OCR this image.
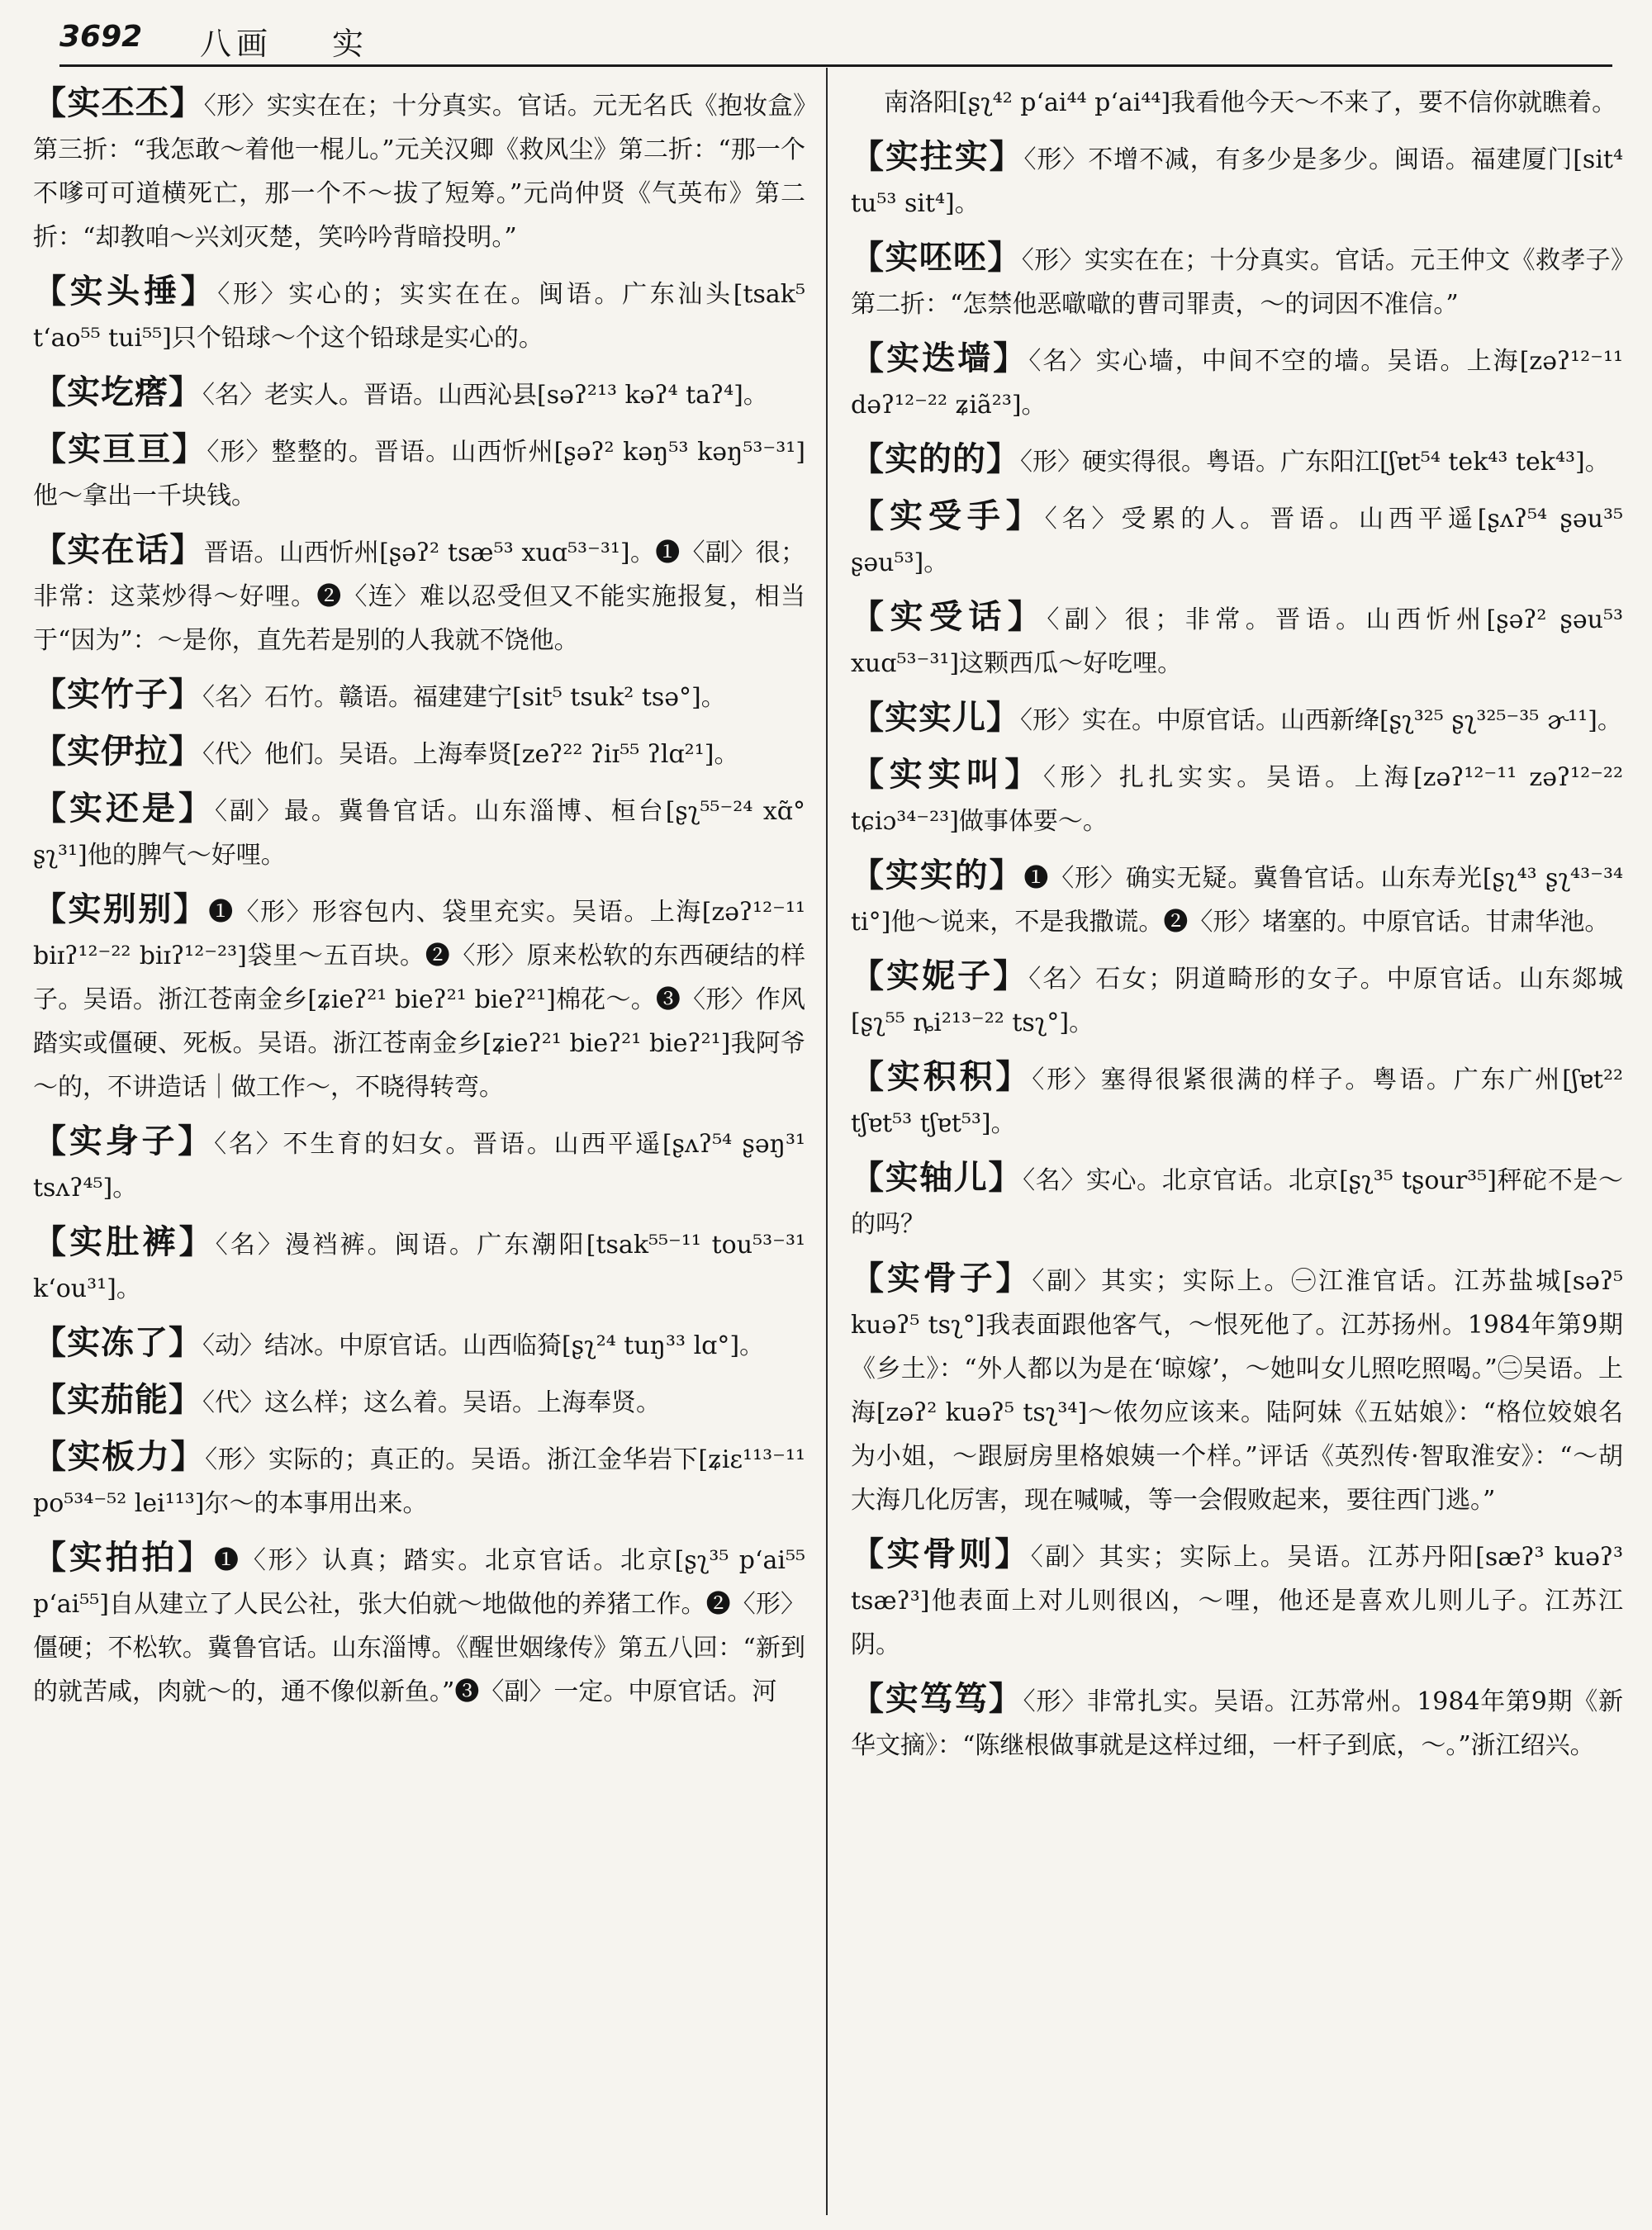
3692 八画 实
【实丕丕】〈形〉实实在在；十分真实。官话。元无名氏《抱妆盒》第三折：“我怎敢～着他一棍儿。”元关汉卿《救风尘》第二折：“那一个不嗲可可道横死亡，那一个不～拔了短筹。”元尚仲贤《气英布》第二折：“却教咱～兴刘灭楚，笑吟吟背暗投明。”
【实头捶】〈形〉实心的；实实在在。闽语。广东汕头[tsak⁵ tʻao⁵⁵ tui⁵⁵]只个铅球～个这个铅球是实心的。
【实圪瘩】〈名〉老实人。晋语。山西沁县[səʔ²¹³ kəʔ⁴ taʔ⁴]。
【实亘亘】〈形〉整整的。晋语。山西忻州[ʂəʔ² kəŋ⁵³ kəŋ⁵³⁻³¹]他～拿出一千块钱。
【实在话】晋语。山西忻州[ʂəʔ² tsæ⁵³ xuɑ⁵³⁻³¹]。❶〈副〉很；非常：这菜炒得～好哩。❷〈连〉难以忍受但又不能实施报复，相当于“因为”：～是你，直先若是别的人我就不饶他。
【实竹子】〈名〉石竹。赣语。福建建宁[sit⁵ tsuk² tsə°]。
【实伊拉】〈代〉他们。吴语。上海奉贤[zeʔ²² ʔiɪ⁵⁵ ʔlɑ²¹]。
【实还是】〈副〉最。冀鲁官话。山东淄博、桓台[ʂʅ⁵⁵⁻²⁴ xɑ̃° ʂʅ³¹]他的脾气～好哩。
【实别别】❶〈形〉形容包内、袋里充实。吴语。上海[zəʔ¹²⁻¹¹ biɪʔ¹²⁻²² biɪʔ¹²⁻²³]袋里～五百块。❷〈形〉原来松软的东西硬结的样子。吴语。浙江苍南金乡[ʑieʔ²¹ bieʔ²¹ bieʔ²¹]棉花～。❸〈形〉作风踏实或僵硬、死板。吴语。浙江苍南金乡[ʑieʔ²¹ bieʔ²¹ bieʔ²¹]我阿爷～的，不讲造话｜做工作～，不晓得转弯。
【实身子】〈名〉不生育的妇女。晋语。山西平遥[ʂʌʔ⁵⁴ ʂəŋ³¹ tsʌʔ⁴⁵]。
【实肚裤】〈名〉漫裆裤。闽语。广东潮阳[tsak⁵⁵⁻¹¹ tou⁵³⁻³¹ kʻou³¹]。
【实冻了】〈动〉结冰。中原官话。山西临猗[ʂʅ²⁴ tuŋ³³ lɑ°]。
【实茄能】〈代〉这么样；这么着。吴语。上海奉贤。
【实板力】〈形〉实际的；真正的。吴语。浙江金华岩下[ʑiɛ¹¹³⁻¹¹ po⁵³⁴⁻⁵² lei¹¹³]尔～的本事用出来。
【实拍拍】❶〈形〉认真；踏实。北京官话。北京[ʂʅ³⁵ pʻai⁵⁵ pʻai⁵⁵]自从建立了人民公社，张大伯就～地做他的养猪工作。❷〈形〉僵硬；不松软。冀鲁官话。山东淄博。《醒世姻缘传》第五八回：“新到的就苦咸，肉就～的，通不像似新鱼。”❸〈副〉一定。中原官话。河
南洛阳[ʂʅ⁴² pʻai⁴⁴ pʻai⁴⁴]我看他今天～不来了，要不信你就瞧着。
【实拄实】〈形〉不增不减，有多少是多少。闽语。福建厦门[sit⁴ tu⁵³ sit⁴]。
【实呸呸】〈形〉实实在在；十分真实。官话。元王仲文《救孝子》第二折：“怎禁他恶噷噷的曹司罪责，～的词因不准信。”
【实迭墙】〈名〉实心墙，中间不空的墙。吴语。上海[zəʔ¹²⁻¹¹ dəʔ¹²⁻²² ʑiã²³]。
【实的的】〈形〉硬实得很。粤语。广东阳江[ʃɐt⁵⁴ tek⁴³ tek⁴³]。
【实受手】〈名〉受累的人。晋语。山西平遥[ʂʌʔ⁵⁴ ʂəu³⁵ ʂəu⁵³]。
【实受话】〈副〉很；非常。晋语。山西忻州[ʂəʔ² ʂəu⁵³ xuɑ⁵³⁻³¹]这颗西瓜～好吃哩。
【实实儿】〈形〉实在。中原官话。山西新绛[ʂʅ³²⁵ ʂʅ³²⁵⁻³⁵ ɚ¹¹]。
【实实叫】〈形〉扎扎实实。吴语。上海[zəʔ¹²⁻¹¹ zəʔ¹²⁻²² tɕiɔ³⁴⁻²³]做事体要～。
【实实的】❶〈形〉确实无疑。冀鲁官话。山东寿光[ʂʅ⁴³ ʂʅ⁴³⁻³⁴ ti°]他～说来，不是我撒谎。❷〈形〉堵塞的。中原官话。甘肃华池。
【实妮子】〈名〉石女；阴道畸形的女子。中原官话。山东郯城[ʂʅ⁵⁵ ȵi²¹³⁻²² tsʅ°]。
【实积积】〈形〉塞得很紧很满的样子。粤语。广东广州[ʃɐt²² tʃɐt⁵³ tʃɐt⁵³]。
【实轴儿】〈名〉实心。北京官话。北京[ʂʅ³⁵ tʂour³⁵]秤砣不是～的吗？
【实骨子】〈副〉其实；实际上。㊀江淮官话。江苏盐城[səʔ⁵ kuəʔ⁵ tsʅ°]我表面跟他客气，～恨死他了。江苏扬州。1984年第9期《乡土》：“外人都以为是在‘晾嫁’，～她叫女儿照吃照喝。”㊁吴语。上海[zəʔ² kuəʔ⁵ tsʅ³⁴]～侬勿应该来。陆阿妹《五姑娘》：“格位姣娘名为小姐，～跟厨房里格娘姨一个样。”评话《英烈传·智取淮安》：“～胡大海几化厉害，现在喊喊，等一会假败起来，要往西门逃。”
【实骨则】〈副〉其实；实际上。吴语。江苏丹阳[sæʔ³ kuəʔ³ tsæʔ³]他表面上对儿则很凶，～哩，他还是喜欢儿则儿子。江苏江阴。
【实笃笃】〈形〉非常扎实。吴语。江苏常州。1984年第9期《新华文摘》：“陈继根做事就是这样过细，一杆子到底，～。”浙江绍兴。
